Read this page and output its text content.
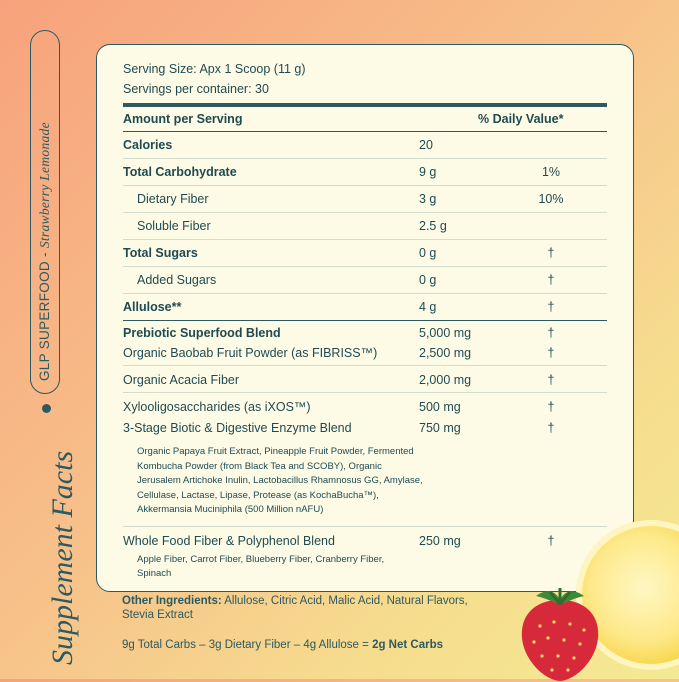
GLP SUPERFOOD - Strawberry Lemonade
Supplement Facts
Serving Size: Apx 1 Scoop (11 g)
Servings per container: 30
Amount per Serving	% Daily Value*
Calories	20
Total Carbohydrate	9 g	1%
Dietary Fiber	3 g	10%
Soluble Fiber	2.5 g
Total Sugars	0 g	†
Added Sugars	0 g	†
Allulose**	4 g	†
Prebiotic Superfood Blend	5,000 mg	†
Organic Baobab Fruit Powder (as FIBRISS™)	2,500 mg	†
Organic Acacia Fiber	2,000 mg	†
Xylooligosaccharides (as iXOS™)	500 mg	†
3-Stage Biotic & Digestive Enzyme Blend	750 mg	†
Organic Papaya Fruit Extract, Pineapple Fruit Powder, Fermented Kombucha Powder (from Black Tea and SCOBY), Organic Jerusalem Artichoke Inulin, Lactobacillus Rhamnosus GG, Amylase, Cellulase, Lactase, Lipase, Protease (as KochaBucha™), Akkermansia Muciniphila (500 Million nAFU)
Whole Food Fiber & Polyphenol Blend	250 mg	†
Apple Fiber, Carrot Fiber, Blueberry Fiber, Cranberry Fiber, Spinach
Other Ingredients: Allulose, Citric Acid, Malic Acid, Natural Flavors, Stevia Extract
9g Total Carbs – 3g Dietary Fiber – 4g Allulose = 2g Net Carbs
